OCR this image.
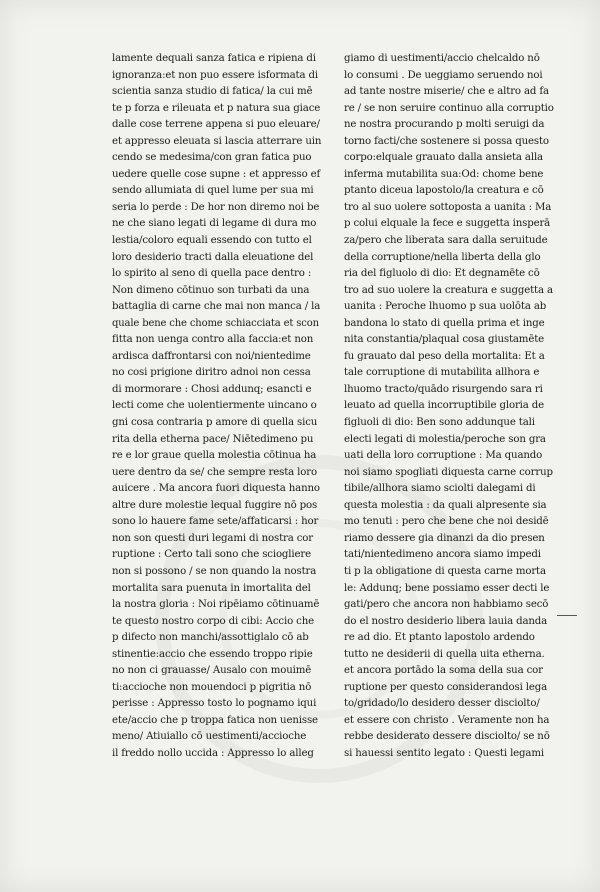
lamente dequali sanza fatica e ripiena di
ignoranza:et non puo essere isformata di
scientia sanza studio di fatica/ la cui mē
te p forza e rileuata et p natura sua giace
dalle cose terrene appena si puo eleuare/
et appresso eleuata si lascia atterrare uin
cendo se medesima/con gran fatica puo
uedere quelle cose supne : et appresso ef
sendo allumiata di quel lume per sua mi
seria lo perde : De hor non diremo noi be
ne che siano legati di legame di dura mo
lestia/coloro equali essendo con tutto el
loro desiderio tracti dalla eleuatione del
lo spirito al seno di quella pace dentro :
Non dimeno cōtinuo son turbati da una
battaglia di carne che mai non manca / la
quale bene che chome schiacciata et scon
fitta non uenga contro alla faccia:et non
ardisca daffrontarsi con noi/nientedime
no cosi prigione diritro adnoi non cessa
di mormorare : Chosi addunq; esancti e
lecti come che uolentiermente uincano o
gni cosa contraria p amore di quella sicu
rita della etherna pace/ Niētedimeno pu
re e lor graue quella molestia cōtinua ha
uere dentro da se/ che sempre resta loro
auicere . Ma ancora fuori diquesta hanno
altre dure molestie lequal fuggire nō pos
sono lo hauere fame sete/affaticarsi : hor
non son questi duri legami di nostra cor
ruptione : Certo tali sono che sciogliere
non si possono / se non quando la nostra
mortalita sara puenuta in imortalita del
la nostra gloria : Noi ripēiamo cōtinuamē
te questo nostro corpo di cibi: Accio che
p difecto non manchi/assottiglalo cō ab
stinentie:accio che essendo troppo ripie
no non ci grauasse/ Ausalo con mouimē
ti:accioche non mouendoci p pigritia nō
perisse : Appresso tosto lo pognamo iqui
ete/accio che p troppa fatica non uenisse
meno/ Atiuiallo cō uestimenti/accioche
il freddo nollo uccida : Appresso lo alleg
giamo di uestimenti/accio chelcaldo nō
lo consumi . De ueggiamo seruendo noi
ad tante nostre miserie/ che e altro ad fa
re / se non seruire continuo alla corruptio
ne nostra procurando p molti seruigi da
torno facti/che sostenere si possa questo
corpo:elquale grauato dalla ansieta alla
inferma mutabilita sua:Od: chome bene
ptanto diceua lapostolo/la creatura e cō
tro al suo uolere sottoposta a uanita : Ma
p colui elquale la fece e suggetta insperā
za/pero che liberata sara dalla seruitude
della corruptione/nella liberta della glo
ria del figluolo di dio: Et degnamēte cō
tro ad suo uolere la creatura e suggetta a
uanita : Peroche lhuomo p sua uolōta ab
bandona lo stato di quella prima et inge
nita constantia/plaqual cosa giustamēte
fu grauato dal peso della mortalita: Et a
tale corruptione di mutabilita allhora e
lhuomo tracto/quādo risurgendo sara ri
leuato ad quella incorruptibile gloria de
figluoli di dio: Ben sono addunque tali
electi legati di molestia/peroche son gra
uati della loro corruptione : Ma quando
noi siamo spogliati diquesta carne corrup
tibile/allhora siamo sciolti dalegami di
questa molestia : da quali alpresente sia
mo tenuti : pero che bene che noi desidē
riamo dessere gia dinanzi da dio presen
tati/nientedimeno ancora siamo impedi
ti p la obligatione di questa carne morta
le: Addunq; bene possiamo esser decti le
gati/pero che ancora non habbiamo secō
do el nostro desiderio libera lauia danda
re ad dio. Et ptanto lapostolo ardendo
tutto ne desiderii di quella uita etherna.
et ancora portādo la soma della sua cor
ruptione per questo considerandosi lega
to/gridado/lo desidero desser disciolto/
et essere con christo . Veramente non ha
rebbe desiderato dessere disciolto/ se nō
si hauessi sentito legato : Questi legami
